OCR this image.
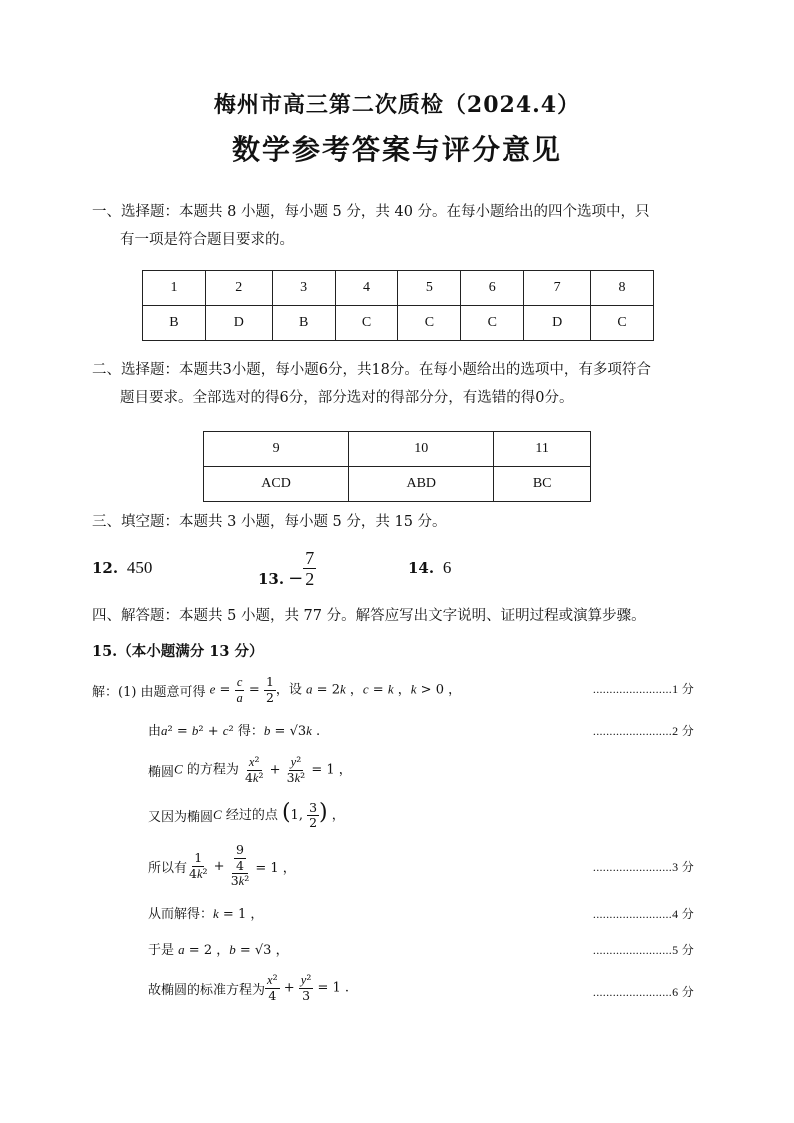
梅州市高三第二次质检（2024.4）
数学参考答案与评分意见
一、选择题：本题共 8 小题，每小题 5 分，共 40 分。在每小题给出的四个选项中，只
有一项是符合题目要求的。
1	2	3	4	5	6	7	8
B	D	B	C	C	C	D	C
二、选择题：本题共3小题，每小题6分，共18分。在每小题给出的选项中，有多项符合
题目要求。全部选对的得6分，部分选对的得部分分，有选错的得0分。
9	10	11
ACD	ABD	BC
三、填空题：本题共 3 小题，每小题 5 分，共 15 分。
12. 450
13. − $\frac{7}{2}$	14. 6
四、解答题：本题共 5 小题，共 77 分。解答应写出文字说明、证明过程或演算步骤。
15.（本小题满分 13 分）
解：(1) 由题意可得 $e = \frac{c}{a} = \frac{1}{2}$ ，设 a = 2k ，c = k ，k > 0 ，	........................1 分
由a² = b² + c² 得：b = √3k .	........................2 分
椭圆 C 的方程为 $\frac{\text{x²}}{\text{4k²}} + \frac{\text{y²}}{\text{3k²}} = 1$ ，
又因为椭圆 C 经过的点 (1, $\frac{3}{2}$ ) ，
所以有 $\frac{1}{\text{4k²}} + \frac{\frac{9}{4}}{\text{3k²}} = 1$ ，	........................3 分
从而解得：k = 1 ，	........................4 分
于是 a = 2 ，b = √3 ，	........................5 分
故椭圆的标准方程为 $\frac{\text{x²}}{4} + \frac{\text{y²}}{3} = 1$ .	........................6 分
